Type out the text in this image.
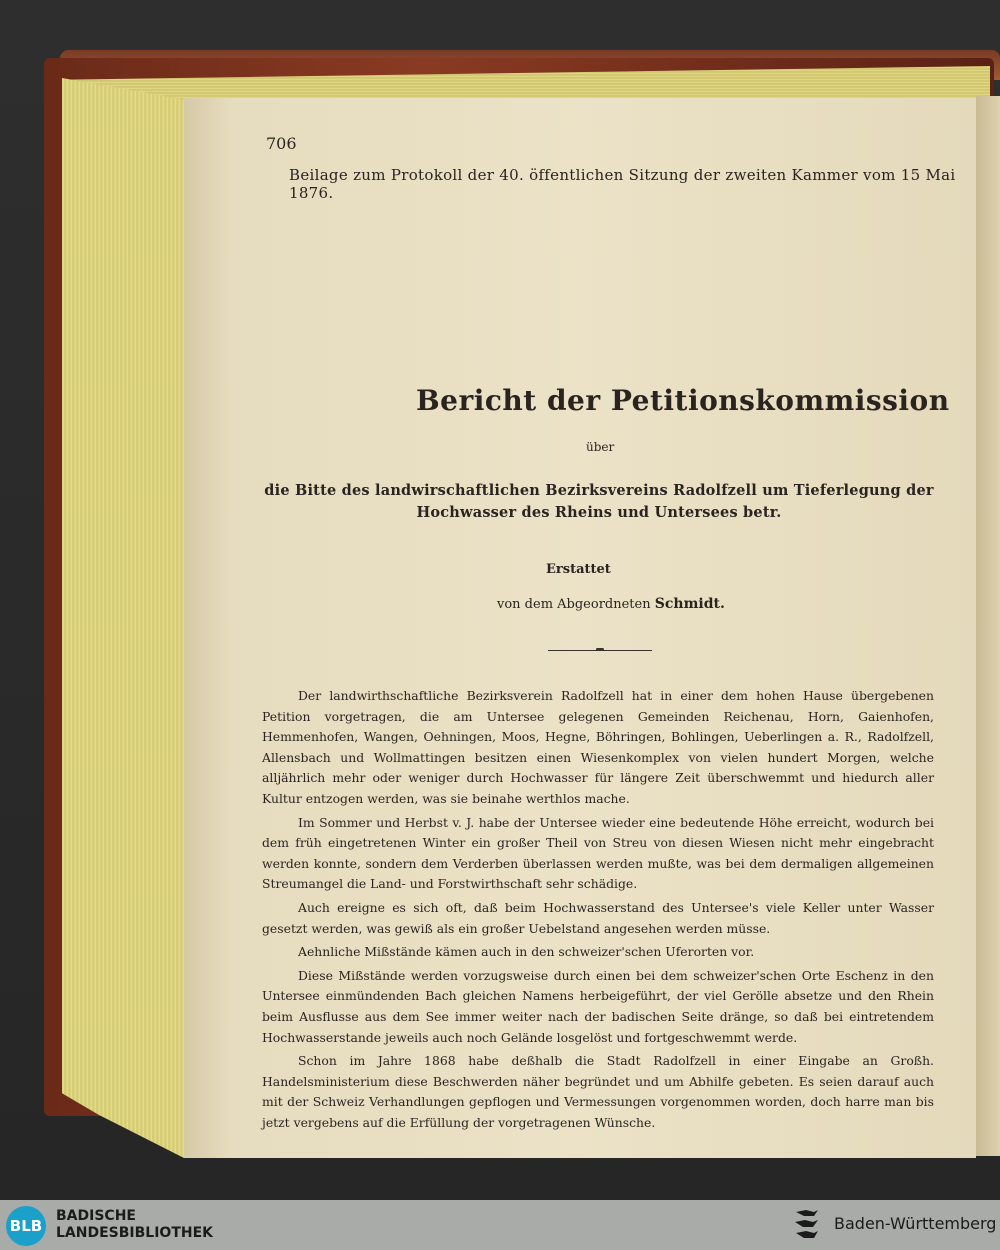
706
Beilage zum Protokoll der 40. öffentlichen Sitzung der zweiten Kammer vom 15 Mai 1876.
Bericht der Petitionskommission
über
die Bitte des landwirschaftlichen Bezirksvereins Radolfzell um Tieferlegung der Hochwasser des Rheins und Untersees betr.
Erstattet
von dem Abgeordneten Schmidt.

Der landwirthschaftliche Bezirksverein Radolfzell hat in einer dem hohen Hause übergebenen Petition vorgetragen, die am Untersee gelegenen Gemeinden Reichenau, Horn, Gaienhofen, Hemmenhofen, Wangen, Oehningen, Moos, Hegne, Böhringen, Bohlingen, Ueberlingen a. R., Radolfzell, Allensbach und Wollmattingen besitzen einen Wiesenkomplex von vielen hundert Morgen, welche alljährlich mehr oder weniger durch Hochwasser für längere Zeit überschwemmt und hiedurch aller Kultur entzogen werden, was sie beinahe werthlos mache.

Im Sommer und Herbst v. J. habe der Untersee wieder eine bedeutende Höhe erreicht, wodurch bei dem früh eingetretenen Winter ein großer Theil von Streu von diesen Wiesen nicht mehr eingebracht werden konnte, sondern dem Verderben überlassen werden mußte, was bei dem dermaligen allgemeinen Streumangel die Land- und Forstwirthschaft sehr schädige.

Auch ereigne es sich oft, daß beim Hochwasserstand des Untersee's viele Keller unter Wasser gesetzt werden, was gewiß als ein großer Uebelstand angesehen werden müsse.

Aehnliche Mißstände kämen auch in den schweizer'schen Uferorten vor.

Diese Mißstände werden vorzugsweise durch einen bei dem schweizer'schen Orte Eschenz in den Untersee einmündenden Bach gleichen Namens herbeigeführt, der viel Gerölle absetze und den Rhein beim Ausflusse aus dem See immer weiter nach der badischen Seite dränge, so daß bei eintretendem Hochwasserstande jeweils auch noch Gelände losgelöst und fortgeschwemmt werde.

Schon im Jahre 1868 habe deßhalb die Stadt Radolfzell in einer Eingabe an Großh. Handelsministerium diese Beschwerden näher begründet und um Abhilfe gebeten. Es seien darauf auch mit der Schweiz Verhandlungen gepflogen und Vermessungen vorgenommen worden, doch harre man bis jetzt vergebens auf die Erfüllung der vorgetragenen Wünsche.

BLB
BADISCHE
LANDESBIBLIOTHEK	Baden-Württemberg
